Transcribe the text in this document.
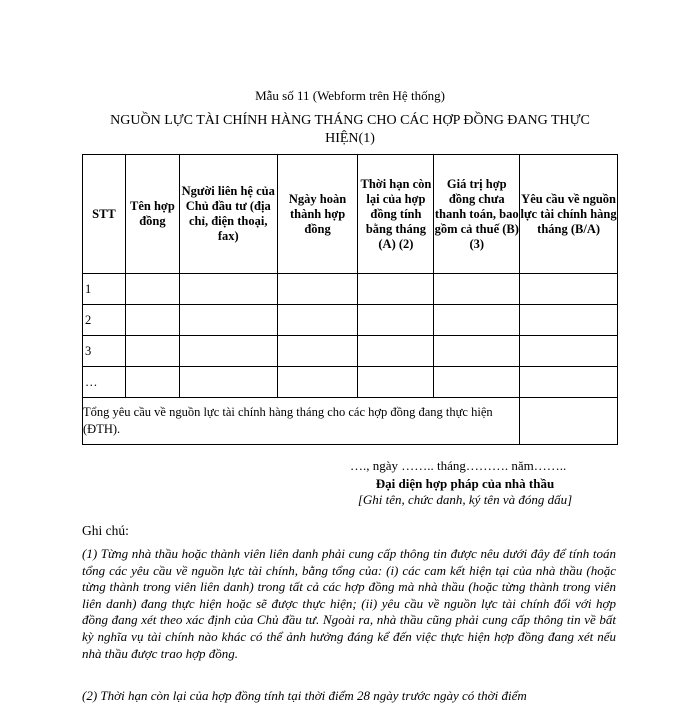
Mẫu số 11 (Webform trên Hệ thống)
NGUỒN LỰC TÀI CHÍNH HÀNG THÁNG CHO CÁC HỢP ĐỒNG ĐANG THỰC HIỆN(1)
STT	Tên hợp đồng	Người liên hệ của Chủ đầu tư (địa chỉ, điện thoại, fax)	Ngày hoàn thành hợp đồng	Thời hạn còn lại của hợp đồng tính bằng tháng (A) (2)	Giá trị hợp đồng chưa thanh toán, bao gồm cả thuế (B)(3)	Yêu cầu về nguồn lực tài chính hàng tháng (B/A)
1						
2						
3						
…						
Tổng yêu cầu về nguồn lực tài chính hàng tháng cho các hợp đồng đang thực hiện (ĐTH).						
…., ngày …….. tháng………. năm……..
Đại diện hợp pháp của nhà thầu
[Ghi tên, chức danh, ký tên và đóng dấu]
Ghi chú:
(1) Từng nhà thầu hoặc thành viên liên danh phải cung cấp thông tin được nêu dưới đây để tính toán tổng các yêu cầu về nguồn lực tài chính, bằng tổng của: (i) các cam kết hiện tại của nhà thầu (hoặc từng thành trong viên liên danh) trong tất cả các hợp đồng mà nhà thầu (hoặc từng thành trong viên liên danh) đang thực hiện hoặc sẽ được thực hiện; (ii) yêu cầu về nguồn lực tài chính đối với hợp đồng đang xét theo xác định của Chủ đầu tư. Ngoài ra, nhà thầu cũng phải cung cấp thông tin về bất kỳ nghĩa vụ tài chính nào khác có thể ảnh hưởng đáng kể đến việc thực hiện hợp đồng đang xét nếu nhà thầu được trao hợp đồng.
(2) Thời hạn còn lại của hợp đồng tính tại thời điểm 28 ngày trước ngày có thời điểm
